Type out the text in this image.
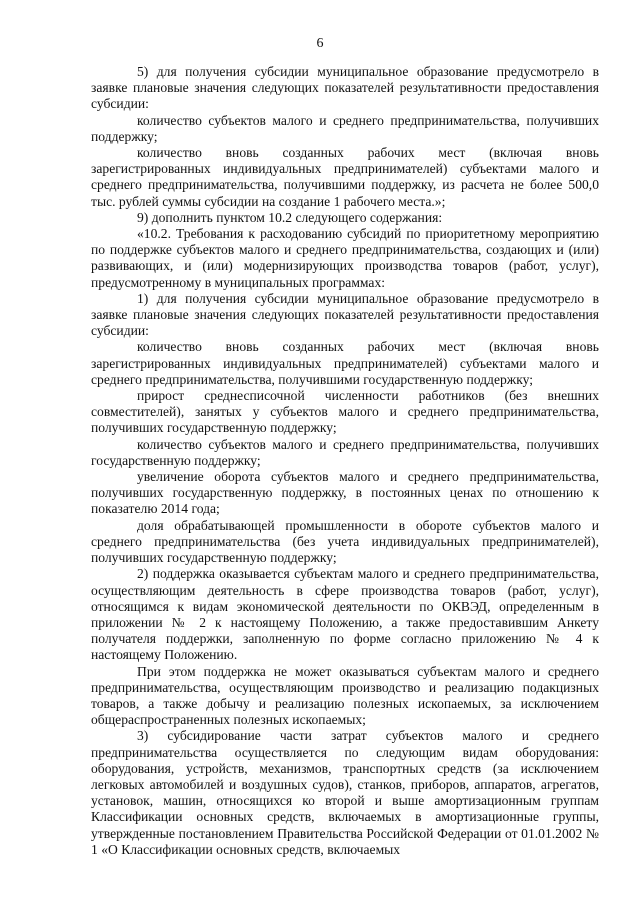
6

5) для получения субсидии муниципальное образование предусмотрело в заявке плановые значения следующих показателей результативности предоставления субсидии:

количество субъектов малого и среднего предпринимательства, получивших поддержку;

количество вновь созданных рабочих мест (включая вновь зарегистрированных индивидуальных предпринимателей) субъектами малого и среднего предпринимательства, получившими поддержку, из расчета не более 500,0 тыс. рублей суммы субсидии на создание 1 рабочего места.»;

9) дополнить пунктом 10.2 следующего содержания:

«10.2. Требования к расходованию субсидий по приоритетному мероприятию по поддержке субъектов малого и среднего предпринимательства, создающих и (или) развивающих, и (или) модернизирующих производства товаров (работ, услуг), предусмотренному в муниципальных программах:

1) для получения субсидии муниципальное образование предусмотрело в заявке плановые значения следующих показателей результативности предоставления субсидии:

количество вновь созданных рабочих мест (включая вновь зарегистрированных индивидуальных предпринимателей) субъектами малого и среднего предпринимательства, получившими государственную поддержку;

прирост среднесписочной численности работников (без внешних совместителей), занятых у субъектов малого и среднего предпринимательства, получивших государственную поддержку;

количество субъектов малого и среднего предпринимательства, получивших государственную поддержку;

увеличение оборота субъектов малого и среднего предпринимательства, получивших государственную поддержку, в постоянных ценах по отношению к показателю 2014 года;

доля обрабатывающей промышленности в обороте субъектов малого и среднего предпринимательства (без учета индивидуальных предпринимателей), получивших государственную поддержку;

2) поддержка оказывается субъектам малого и среднего предпринимательства, осуществляющим деятельность в сфере производства товаров (работ, услуг), относящимся к видам экономической деятельности по ОКВЭД, определенным в приложении № 2 к настоящему Положению, а также предоставившим Анкету получателя поддержки, заполненную по форме согласно приложению № 4 к настоящему Положению.

При этом поддержка не может оказываться субъектам малого и среднего предпринимательства, осуществляющим производство и реализацию подакцизных товаров, а также добычу и реализацию полезных ископаемых, за исключением общераспространенных полезных ископаемых;

3) субсидирование части затрат субъектов малого и среднего предпринимательства осуществляется по следующим видам оборудования: оборудования, устройств, механизмов, транспортных средств (за исключением легковых автомобилей и воздушных судов), станков, приборов, аппаратов, агрегатов, установок, машин, относящихся ко второй и выше амортизационным группам Классификации основных средств, включаемых в амортизационные группы, утвержденные постановлением Правительства Российской Федерации от 01.01.2002 № 1 «О Классификации основных средств, включаемых
